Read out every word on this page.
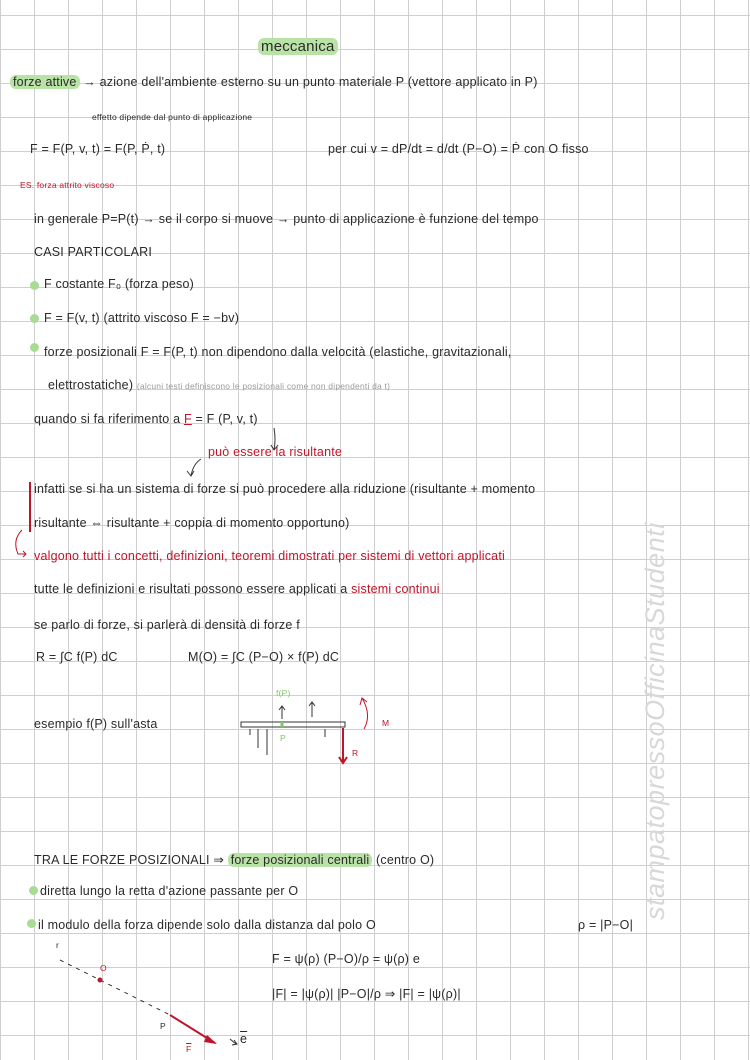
stampatopressoOfficinaStudenti
meccanica
forze attive → azione dell'ambiente esterno su un punto materiale P (vettore applicato in P)
effetto dipende dal punto di applicazione
F = F(P, v, t) = F(P, Ṗ, t)	per cui v = dP/dt = d/dt (P−O) = Ṗ con O fisso
ES. forza attrito viscoso
in generale P=P(t) → se il corpo si muove → punto di applicazione è funzione del tempo
CASI PARTICOLARI
F costante F₀ (forza peso)
F = F(v, t) (attrito viscoso F = −bv)
forze posizionali F = F(P, t) non dipendono dalla velocità (elastiche, gravitazionali,
elettrostatiche) (alcuni testi definiscono le posizionali come non dipendenti da t)
quando si fa riferimento a F = F (P, v, t)
può essere la risultante
infatti se si ha un sistema di forze si può procedere alla riduzione (risultante + momento
risultante ⇔ risultante + coppia di momento opportuno)
valgono tutti i concetti, definizioni, teoremi dimostrati per sistemi di vettori applicati
tutte le definizioni e risultati possono essere applicati a sistemi continui
se parlo di forze, si parlerà di densità di forze f
R = ∫C f(P) dC	M(O) = ∫C (P−O) × f(P) dC
esempio f(P) sull'asta
f(P)
P
R
M
TRA LE FORZE POSIZIONALI ⇒ forze posizionali centrali (centro O)
diretta lungo la retta d'azione passante per O
il modulo della forza dipende solo dalla distanza dal polo O	ρ = |P−O|
F = ψ(ρ) (P−O)/ρ = ψ(ρ) e
|F| = |ψ(ρ)| |P−O|/ρ ⇒ |F| = |ψ(ρ)|
r
O
P
$\overline{F}$
$\overline{e}$
